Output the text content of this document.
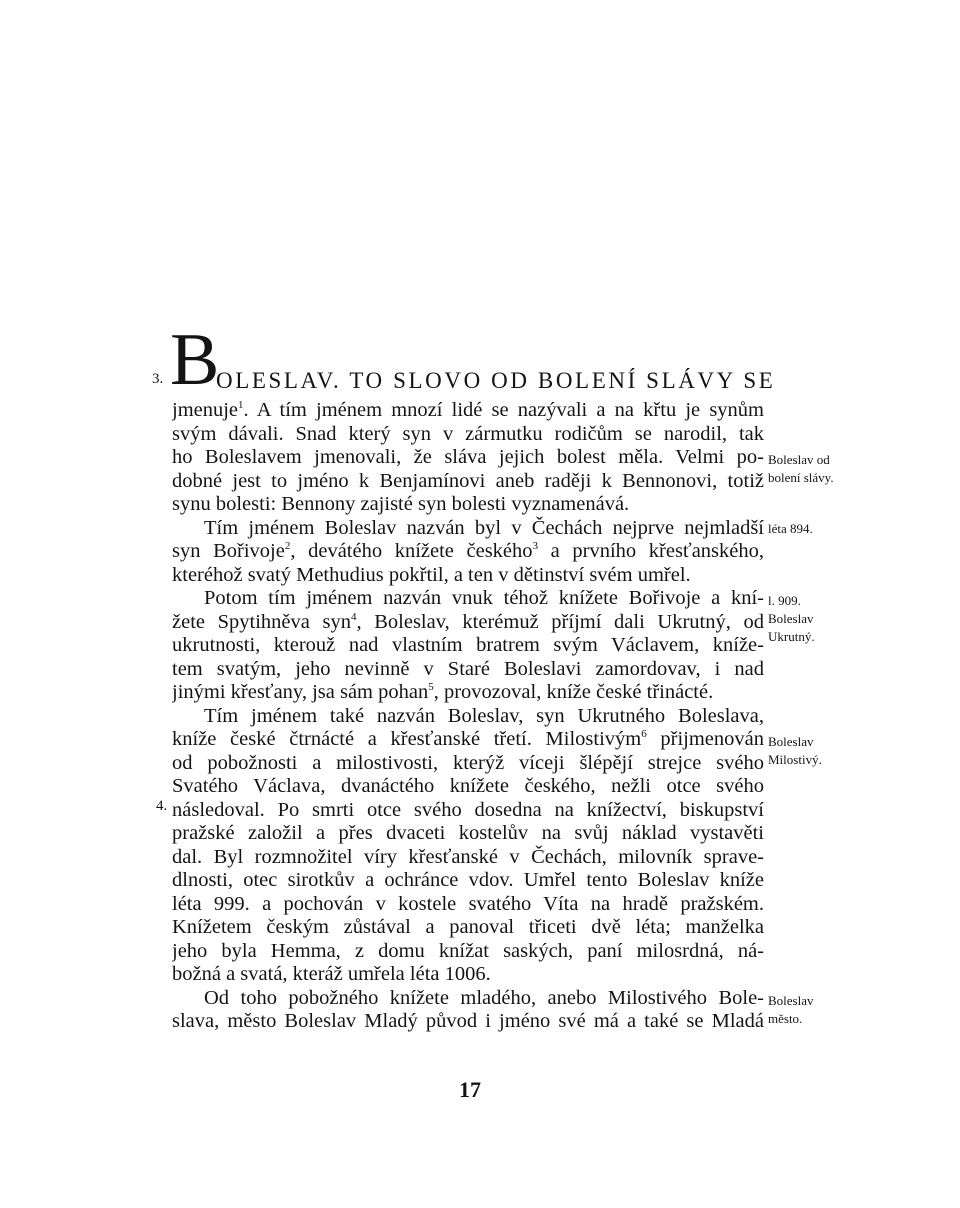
3. B
OLESLAV. TO SLOVO OD BOLENÍ SLÁVY SE
4.
jmenuje$^1$. A tím jménem mnozí lidé se nazývali a na křtu je synům
svým dávali. Snad který syn v zármutku rodičům se narodil, tak
ho Boleslavem jmenovali, že sláva jejich bolest měla. Velmi po-
dobné jest to jméno k Benjamínovi aneb raději k Bennonovi, totiž
synu bolesti: Bennony zajisté syn bolesti vyznamenává.
Tím jménem Boleslav nazván byl v Čechách nejprve nejmladší
syn Bořivoje$^2$, devátého knížete českého$^3$ a prvního křesťanského,
kteréhož svatý Methudius pokřtil, a ten v dětinství svém umřel.
Potom tím jménem nazván vnuk téhož knížete Bořivoje a kní-
žete Spytihněva syn$^4$, Boleslav, kterémuž příjmí dali Ukrutný, od
ukrutnosti, kterouž nad vlastním bratrem svým Václavem, kníže-
tem svatým, jeho nevinně v Staré Boleslavi zamordovav, i nad
jinými křesťany, jsa sám pohan$^5$, provozoval, kníže české třinácté.
Tím jménem také nazván Boleslav, syn Ukrutného Boleslava,
kníže české čtrnácté a křesťanské třetí. Milostivým$^6$ přijmenován
od pobožnosti a milostivosti, kterýž víceji šlépějí strejce svého
Svatého Václava, dvanáctého knížete českého, nežli otce svého
následoval. Po smrti otce svého dosedna na knížectví, biskupství
pražské založil a přes dvaceti kostelův na svůj náklad vystavěti
dal. Byl rozmnožitel víry křesťanské v Čechách, milovník sprave-
dlnosti, otec sirotkův a ochránce vdov. Umřel tento Boleslav kníže
léta 999. a pochován v kostele svatého Víta na hradě pražském.
Knížetem českým zůstával a panoval třiceti dvě léta; manželka
jeho byla Hemma, z domu knížat saských, paní milosrdná, ná-
božná a svatá, kteráž umřela léta 1006.
Od toho pobožného knížete mladého, anebo Milostivého Bole-
slava, město Boleslav Mladý původ i jméno své má a také se Mladá
Boleslav od
bolení slávy.
léta 894.
l. 909.
Boleslav
Ukrutný.
Boleslav
Milostivý.
Boleslav
město.
17
